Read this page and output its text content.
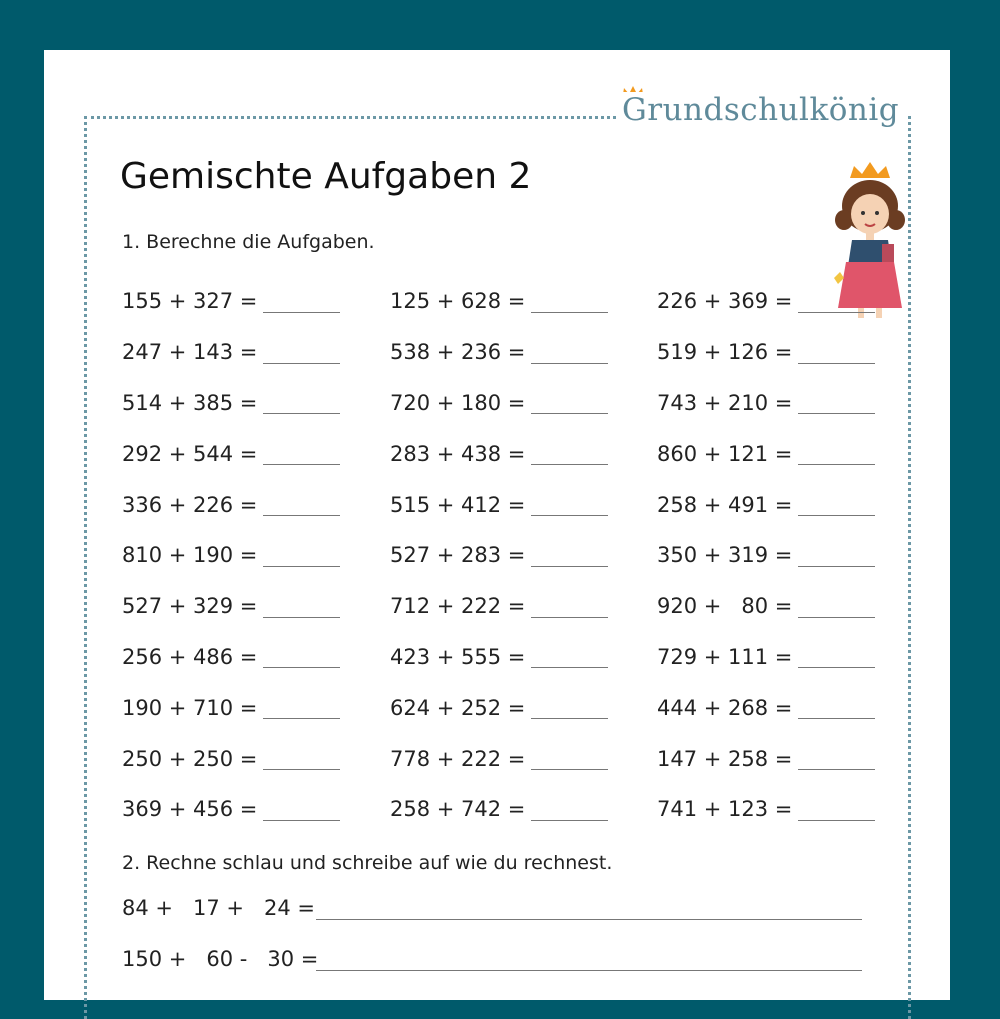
Grundschulkönig
Gemischte Aufgaben 2
1. Berechne die Aufgaben.
155 + 327 =
247 + 143 =
514 + 385 =
292 + 544 =
336 + 226 =
810 + 190 =
527 + 329 =
256 + 486 =
190 + 710 =
250 + 250 =
369 + 456 =
125 + 628 =
538 + 236 =
720 + 180 =
283 + 438 =
515 + 412 =
527 + 283 =
712 + 222 =
423 + 555 =
624 + 252 =
778 + 222 =
258 + 742 =
226 + 369 =
519 + 126 =
743 + 210 =
860 + 121 =
258 + 491 =
350 + 319 =
920 +   80 =
729 + 111 =
444 + 268 =
147 + 258 =
741 + 123 =
2. Rechne schlau und schreibe auf wie du rechnest.
84 +   17 +   24 =
150 +   60 -   30 =
